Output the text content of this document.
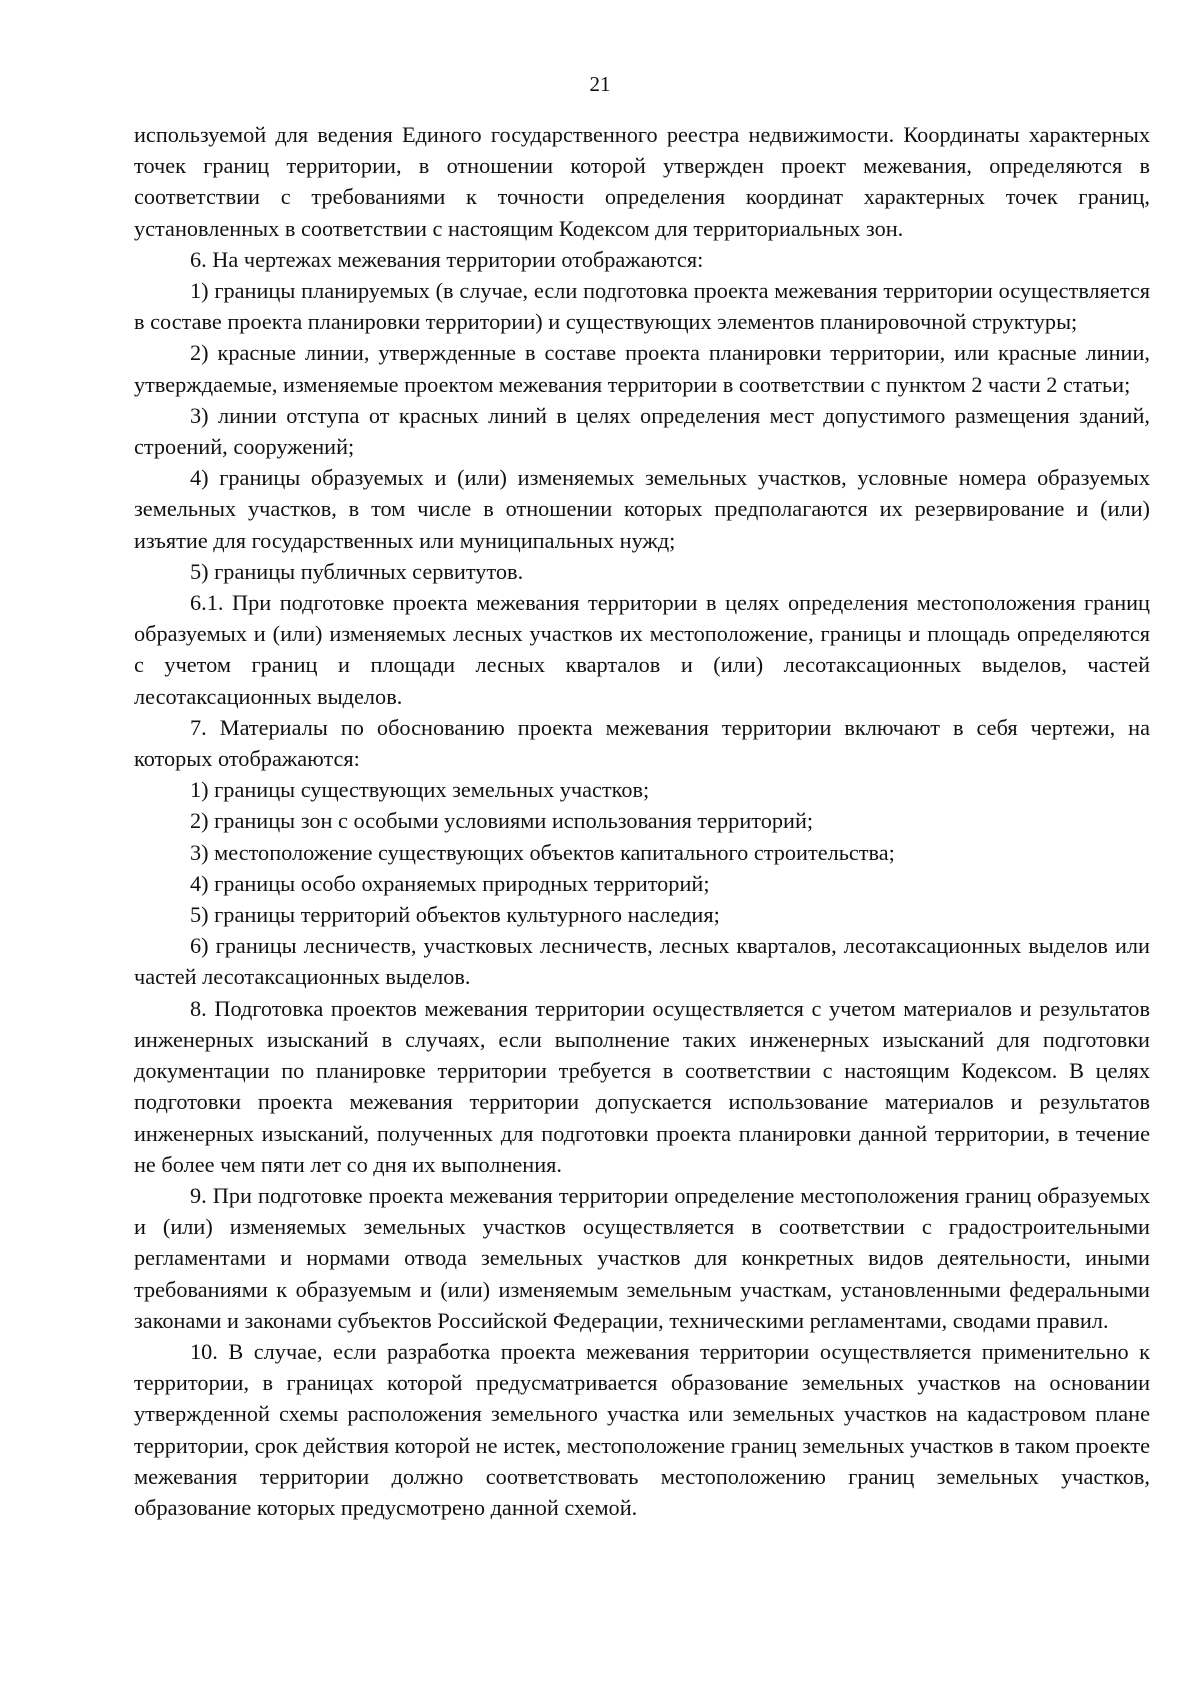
21

используемой для ведения Единого государственного реестра недвижимости. Координаты характерных точек границ территории, в отношении которой утвержден проект межевания, определяются в соответствии с требованиями к точности определения координат характерных точек границ, установленных в соответствии с настоящим Кодексом для территориальных зон.

6. На чертежах межевания территории отображаются:

1) границы планируемых (в случае, если подготовка проекта межевания территории осуществляется в составе проекта планировки территории) и существующих элементов планировочной структуры;

2) красные линии, утвержденные в составе проекта планировки территории, или красные линии, утверждаемые, изменяемые проектом межевания территории в соответствии с пунктом 2 части 2 статьи;

3) линии отступа от красных линий в целях определения мест допустимого размещения зданий, строений, сооружений;

4) границы образуемых и (или) изменяемых земельных участков, условные номера образуемых земельных участков, в том числе в отношении которых предполагаются их резервирование и (или) изъятие для государственных или муниципальных нужд;

5) границы публичных сервитутов.

6.1. При подготовке проекта межевания территории в целях определения местоположения границ образуемых и (или) изменяемых лесных участков их местоположение, границы и площадь определяются с учетом границ и площади лесных кварталов и (или) лесотаксационных выделов, частей лесотаксационных выделов.

7. Материалы по обоснованию проекта межевания территории включают в себя чертежи, на которых отображаются:

1) границы существующих земельных участков;

2) границы зон с особыми условиями использования территорий;

3) местоположение существующих объектов капитального строительства;

4) границы особо охраняемых природных территорий;

5) границы территорий объектов культурного наследия;

6) границы лесничеств, участковых лесничеств, лесных кварталов, лесотаксационных выделов или частей лесотаксационных выделов.

8. Подготовка проектов межевания территории осуществляется с учетом материалов и результатов инженерных изысканий в случаях, если выполнение таких инженерных изысканий для подготовки документации по планировке территории требуется в соответствии с настоящим Кодексом. В целях подготовки проекта межевания территории допускается использование материалов и результатов инженерных изысканий, полученных для подготовки проекта планировки данной территории, в течение не более чем пяти лет со дня их выполнения.

9. При подготовке проекта межевания территории определение местоположения границ образуемых и (или) изменяемых земельных участков осуществляется в соответствии с градостроительными регламентами и нормами отвода земельных участков для конкретных видов деятельности, иными требованиями к образуемым и (или) изменяемым земельным участкам, установленными федеральными законами и законами субъектов Российской Федерации, техническими регламентами, сводами правил.

10. В случае, если разработка проекта межевания территории осуществляется применительно к территории, в границах которой предусматривается образование земельных участков на основании утвержденной схемы расположения земельного участка или земельных участков на кадастровом плане территории, срок действия которой не истек, местоположение границ земельных участков в таком проекте межевания территории должно соответствовать местоположению границ земельных участков, образование которых предусмотрено данной схемой.
